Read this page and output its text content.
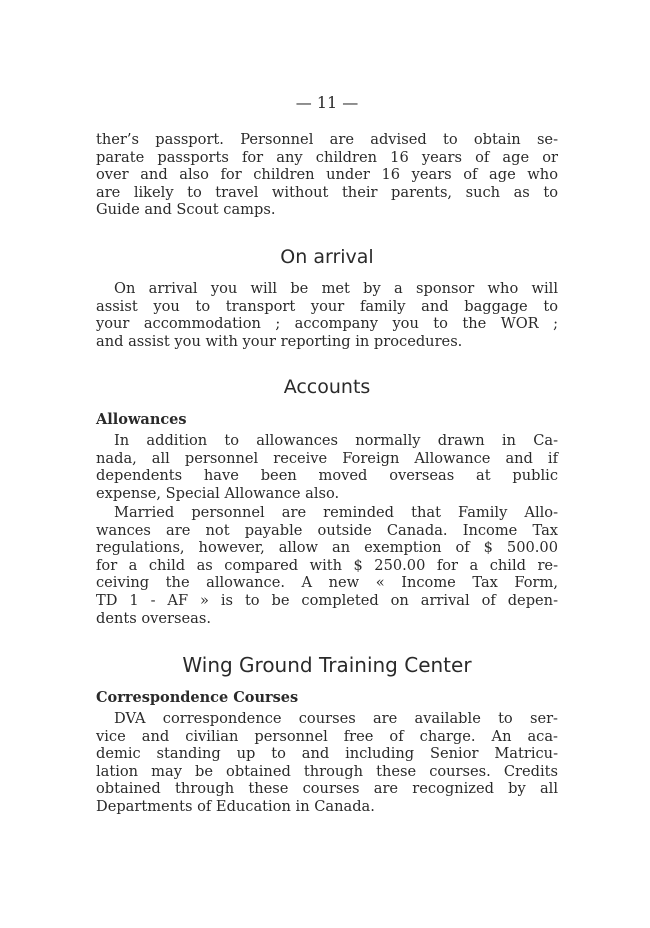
— 11 —

ther’s passport. Personnel are advised to obtain se-

parate passports for any children 16 years of age or

over and also for children under 16 years of age who

are likely to travel without their parents, such as to

Guide and Scout camps.

On arrival

On arrival you will be met by a sponsor who will

assist you to transport your family and baggage to

your accommodation ; accompany you to the WOR ;

and assist you with your reporting in procedures.

Accounts

Allowances

In addition to allowances normally drawn in Ca-

nada, all personnel receive Foreign Allowance and if

dependents have been moved overseas at public

expense, Special Allowance also.

Married personnel are reminded that Family Allo-

wances are not payable outside Canada. Income Tax

regulations, however, allow an exemption of $ 500.00

for a child as compared with $ 250.00 for a child re-

ceiving the allowance. A new « Income Tax Form,

TD 1 - AF » is to be completed on arrival of depen-

dents overseas.

Wing Ground Training Center

Correspondence Courses

DVA correspondence courses are available to ser-

vice and civilian personnel free of charge. An aca-

demic standing up to and including Senior Matricu-

lation may be obtained through these courses. Credits

obtained through these courses are recognized by all

Departments of Education in Canada.
